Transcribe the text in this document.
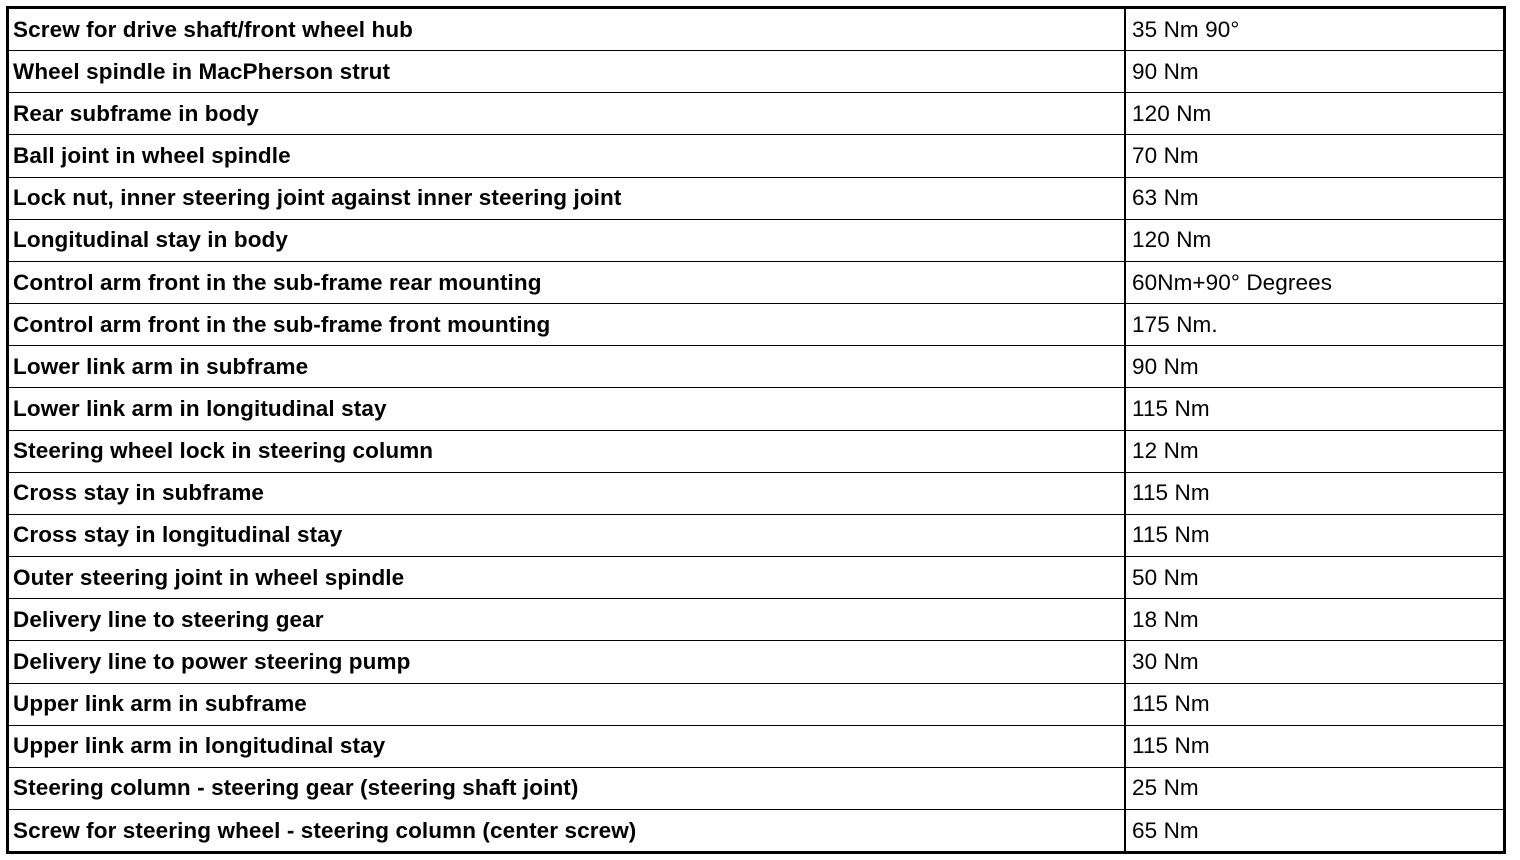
Screw for drive shaft/front wheel hub	35 Nm 90°
Wheel spindle in MacPherson strut	90 Nm
Rear subframe in body	120 Nm
Ball joint in wheel spindle	70 Nm
Lock nut, inner steering joint against inner steering joint	63 Nm
Longitudinal stay in body	120 Nm
Control arm front in the sub-frame rear mounting	60Nm+90° Degrees
Control arm front in the sub-frame front mounting	175 Nm.
Lower link arm in subframe	90 Nm
Lower link arm in longitudinal stay	115 Nm
Steering wheel lock in steering column	12 Nm
Cross stay in subframe	115 Nm
Cross stay in longitudinal stay	115 Nm
Outer steering joint in wheel spindle	50 Nm
Delivery line to steering gear	18 Nm
Delivery line to power steering pump	30 Nm
Upper link arm in subframe	115 Nm
Upper link arm in longitudinal stay	115 Nm
Steering column - steering gear (steering shaft joint)	25 Nm
Screw for steering wheel - steering column (center screw)	65 Nm
